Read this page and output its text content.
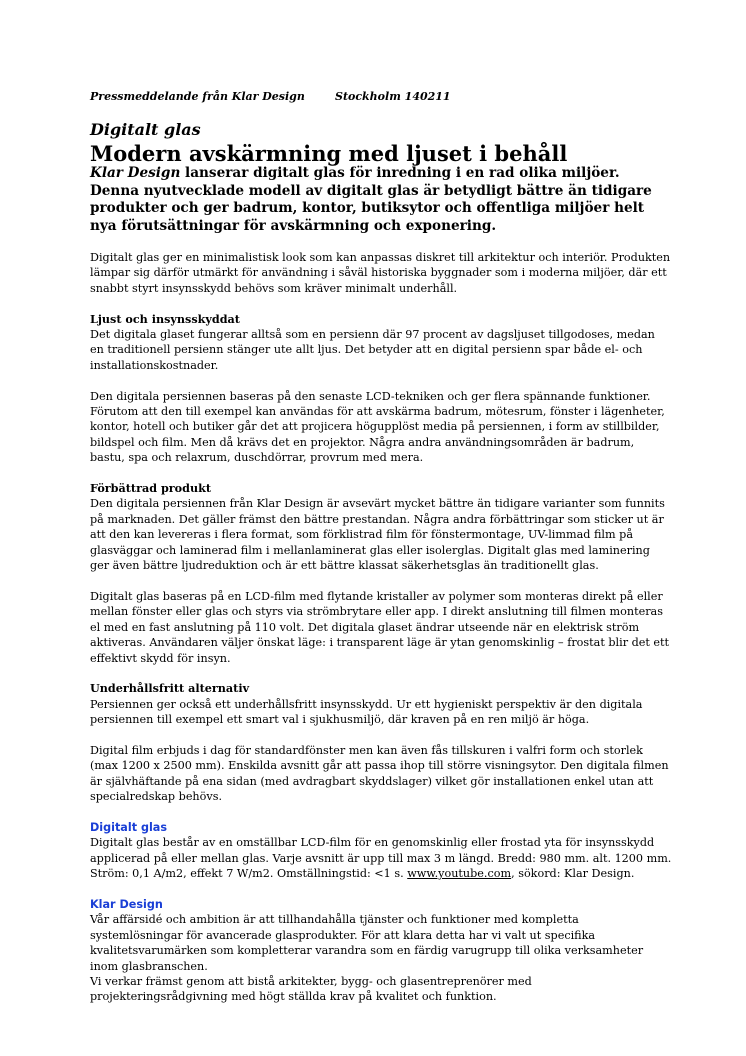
Pressmeddelande från Klar Design	Stockholm 140211
Digitalt glas
Modern avskärmning med ljuset i behåll
Klar Design lanserar digitalt glas för inredning i en rad olika miljöer. Denna nyutvecklade modell av digitalt glas är betydligt bättre än tidigare produkter och ger badrum, kontor, butiksytor och offentliga miljöer helt nya förutsättningar för avskärmning och exponering.

Digitalt glas ger en minimalistisk look som kan anpassas diskret till arkitektur och interiör. Produkten lämpar sig därför utmärkt för användning i såväl historiska byggnader som i moderna miljöer, där ett snabbt styrt insynsskydd behövs som kräver minimalt underhåll.

Ljust och insynsskyddat

Det digitala glaset fungerar alltså som en persienn där 97 procent av dagsljuset tillgodoses, medan en traditionell persienn stänger ute allt ljus. Det betyder att en digital persienn spar både el- och installationskostnader.

Den digitala persiennen baseras på den senaste LCD-tekniken och ger flera spännande funktioner. Förutom att den till exempel kan användas för att avskärma badrum, mötesrum, fönster i lägenheter, kontor, hotell och butiker går det att projicera högupplöst media på persiennen, i form av stillbilder, bildspel och film. Men då krävs det en projektor. Några andra användningsområden är badrum, bastu, spa och relaxrum, duschdörrar, provrum med mera.

Förbättrad produkt

Den digitala persiennen från Klar Design är avsevärt mycket bättre än tidigare varianter som funnits på marknaden. Det gäller främst den bättre prestandan. Några andra förbättringar som sticker ut är att den kan levereras i flera format, som förklistrad film för fönstermontage, UV-limmad film på glasväggar och laminerad film i mellanlaminerat glas eller isolerglas. Digitalt glas med laminering ger även bättre ljudreduktion och är ett bättre klassat säkerhetsglas än traditionellt glas.

Digitalt glas baseras på en LCD-film med flytande kristaller av polymer som monteras direkt på eller mellan fönster eller glas och styrs via strömbrytare eller app. I direkt anslutning till filmen monteras el med en fast anslutning på 110 volt. Det digitala glaset ändrar utseende när en elektrisk ström aktiveras. Användaren väljer önskat läge: i transparent läge är ytan genomskinlig – frostat blir det ett effektivt skydd för insyn.

Underhållsfritt alternativ

Persiennen ger också ett underhållsfritt insynsskydd. Ur ett hygieniskt perspektiv är den digitala persiennen till exempel ett smart val i sjukhusmiljö, där kraven på en ren miljö är höga.

Digital film erbjuds i dag för standardfönster men kan även fås tillskuren i valfri form och storlek (max 1200 x 2500 mm). Enskilda avsnitt går att passa ihop till större visningsytor. Den digitala filmen är självhäftande på ena sidan (med avdragbart skyddslager) vilket gör installationen enkel utan att specialredskap behövs.

Digitalt glas

Digitalt glas består av en omställbar LCD-film för en genomskinlig eller frostad yta för insynsskydd applicerad på eller mellan glas. Varje avsnitt är upp till max 3 m längd. Bredd: 980 mm. alt. 1200 mm. Ström: 0,1 A/m2, effekt 7 W/m2. Omställningstid: <1 s. www.youtube.com, sökord: Klar Design.

Klar Design

Vår affärsidé och ambition är att tillhandahålla tjänster och funktioner med kompletta systemlösningar för avancerade glasprodukter. För att klara detta har vi valt ut specifika kvalitetsvarumärken som kompletterar varandra som en färdig varugrupp till olika verksamheter inom glasbranschen.

Vi verkar främst genom att bistå arkitekter, bygg- och glasentreprenörer med projekteringsrådgivning med högt ställda krav på kvalitet och funktion.
